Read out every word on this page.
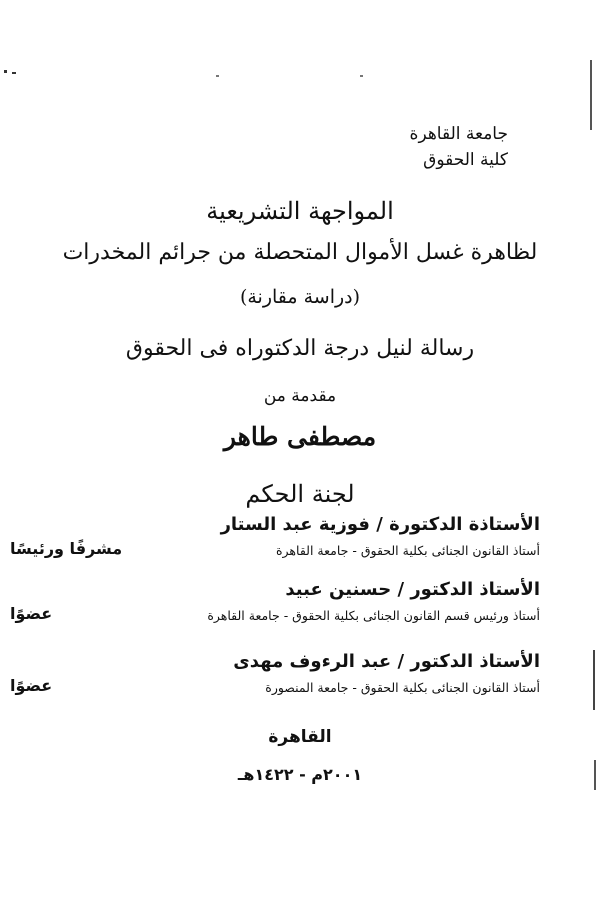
جامعة القاهرة
كلية الحقوق
المواجهة التشريعية
لظاهرة غسل الأموال المتحصلة من جرائم المخدرات
(دراسة مقارنة)
رسالة لنيل درجة الدكتوراه فى الحقوق
مقدمة من
مصطفى طاهر
لجنة الحكم
الأستاذة الدكتورة / فوزية عبد الستار
أستاذ القانون الجنائى بكلية الحقوق - جامعة القاهرة
مشرفًا ورئيسًا
الأستاذ الدكتور / حسنين عبيد
أستاذ ورئيس قسم القانون الجنائى بكلية الحقوق - جامعة القاهرة
عضوًا
الأستاذ الدكتور / عبد الرءوف مهدى
أستاذ القانون الجنائى بكلية الحقوق - جامعة المنصورة
عضوًا
القاهرة
٢٠٠١م - ١٤٢٢هـ
